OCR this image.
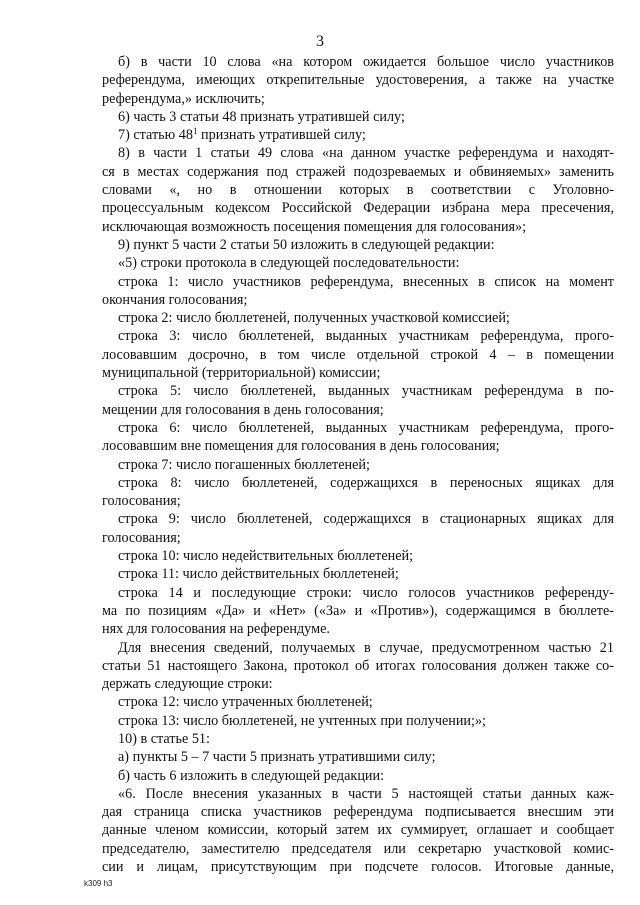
3
б) в части 10 слова «на котором ожидается большое число участников
референдума, имеющих открепительные удостоверения, а также на участке
референдума,» исключить;
6) часть 3 статьи 48 признать утратившей силу;
7) статью $48^1$ признать утратившей силу;
8) в части 1 статьи 49 слова «на данном участке референдума и находят-
ся в местах содержания под стражей подозреваемых и обвиняемых» заменить
словами «, но в отношении которых в соответствии с Уголовно-
процессуальным кодексом Российской Федерации избрана мера пресечения,
исключающая возможность посещения помещения для голосования»;
9) пункт 5 части 2 статьи 50 изложить в следующей редакции:
«5) строки протокола в следующей последовательности:
строка 1: число участников референдума, внесенных в список на момент
окончания голосования;
строка 2: число бюллетеней, полученных участковой комиссией;
строка 3: число бюллетеней, выданных участникам референдума, прого-
лосовавшим досрочно, в том числе отдельной строкой 4 – в помещении
муниципальной (территориальной) комиссии;
строка 5: число бюллетеней, выданных участникам референдума в по-
мещении для голосования в день голосования;
строка 6: число бюллетеней, выданных участникам референдума, прого-
лосовавшим вне помещения для голосования в день голосования;
строка 7: число погашенных бюллетеней;
строка 8: число бюллетеней, содержащихся в переносных ящиках для
голосования;
строка 9: число бюллетеней, содержащихся в стационарных ящиках для
голосования;
строка 10: число недействительных бюллетеней;
строка 11: число действительных бюллетеней;
строка 14 и последующие строки: число голосов участников референду-
ма по позициям «Да» и «Нет» («За» и «Против»), содержащимся в бюллете-
нях для голосования на референдуме.
Для внесения сведений, получаемых в случае, предусмотренном частью 21
статьи 51 настоящего Закона, протокол об итогах голосования должен также со-
держать следующие строки:
строка 12: число утраченных бюллетеней;
строка 13: число бюллетеней, не учтенных при получении;»;
10) в статье 51:
а) пункты 5 – 7 части 5 признать утратившими силу;
б) часть 6 изложить в следующей редакции:
«6. После внесения указанных в части 5 настоящей статьи данных каж-
дая страница списка участников референдума подписывается внесшим эти
данные членом комиссии, который затем их суммирует, оглашает и сообщает
председателю, заместителю председателя или секретарю участковой комис-
сии и лицам, присутствующим при подсчете голосов. Итоговые данные,
k309 h3
